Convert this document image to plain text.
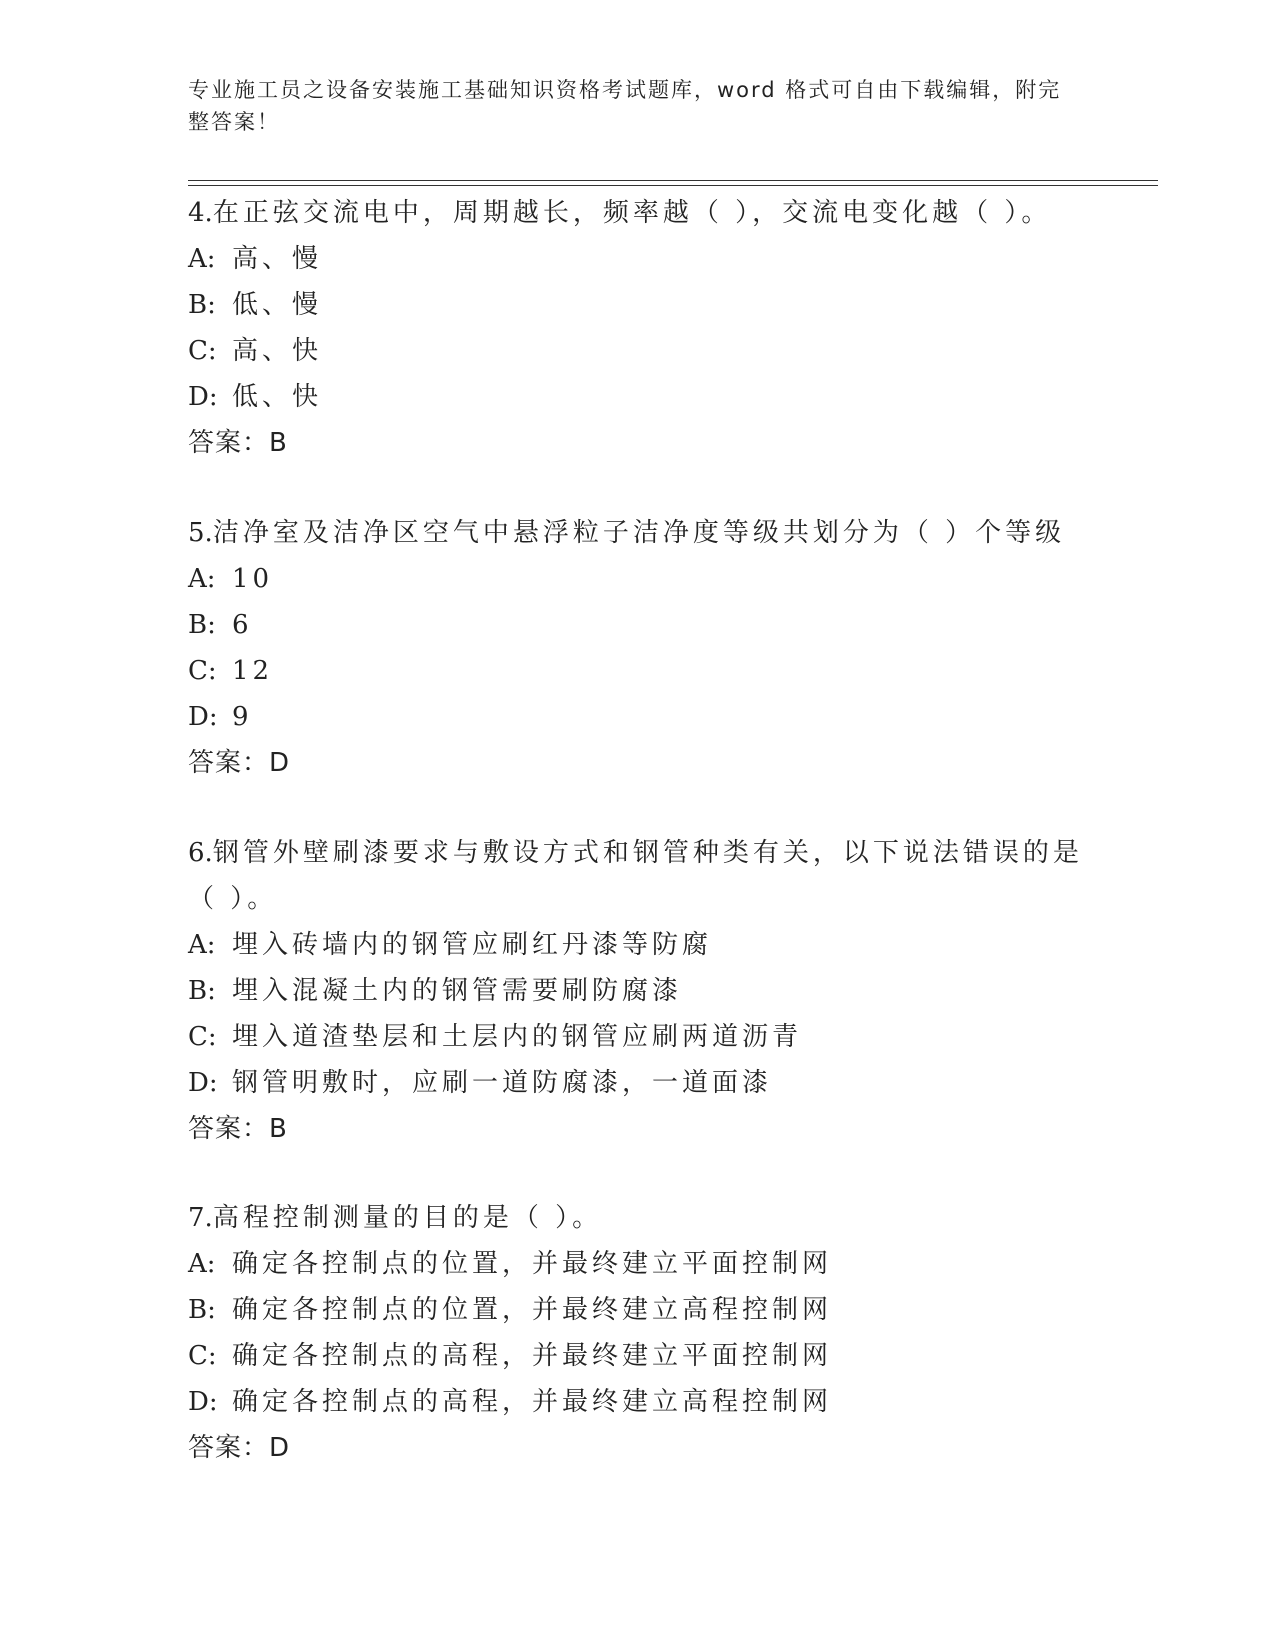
专业施工员之设备安装施工基础知识资格考试题库，word 格式可自由下载编辑，附完整答案！

4.在正弦交流电中，周期越长，频率越（ ），交流电变化越（ ）。

A: 高、慢

B: 低、慢

C: 高、快

D: 低、快

答案：B

5.洁净室及洁净区空气中悬浮粒子洁净度等级共划分为（ ）个等级

A: 10

B: 6

C: 12

D: 9

答案：D

6.钢管外壁刷漆要求与敷设方式和钢管种类有关，以下说法错误的是（ ）。

A: 埋入砖墙内的钢管应刷红丹漆等防腐

B: 埋入混凝土内的钢管需要刷防腐漆

C: 埋入道渣垫层和土层内的钢管应刷两道沥青

D: 钢管明敷时，应刷一道防腐漆，一道面漆

答案：B

7.高程控制测量的目的是（ ）。

A: 确定各控制点的位置，并最终建立平面控制网

B: 确定各控制点的位置，并最终建立高程控制网

C: 确定各控制点的高程，并最终建立平面控制网

D: 确定各控制点的高程，并最终建立高程控制网

答案：D
